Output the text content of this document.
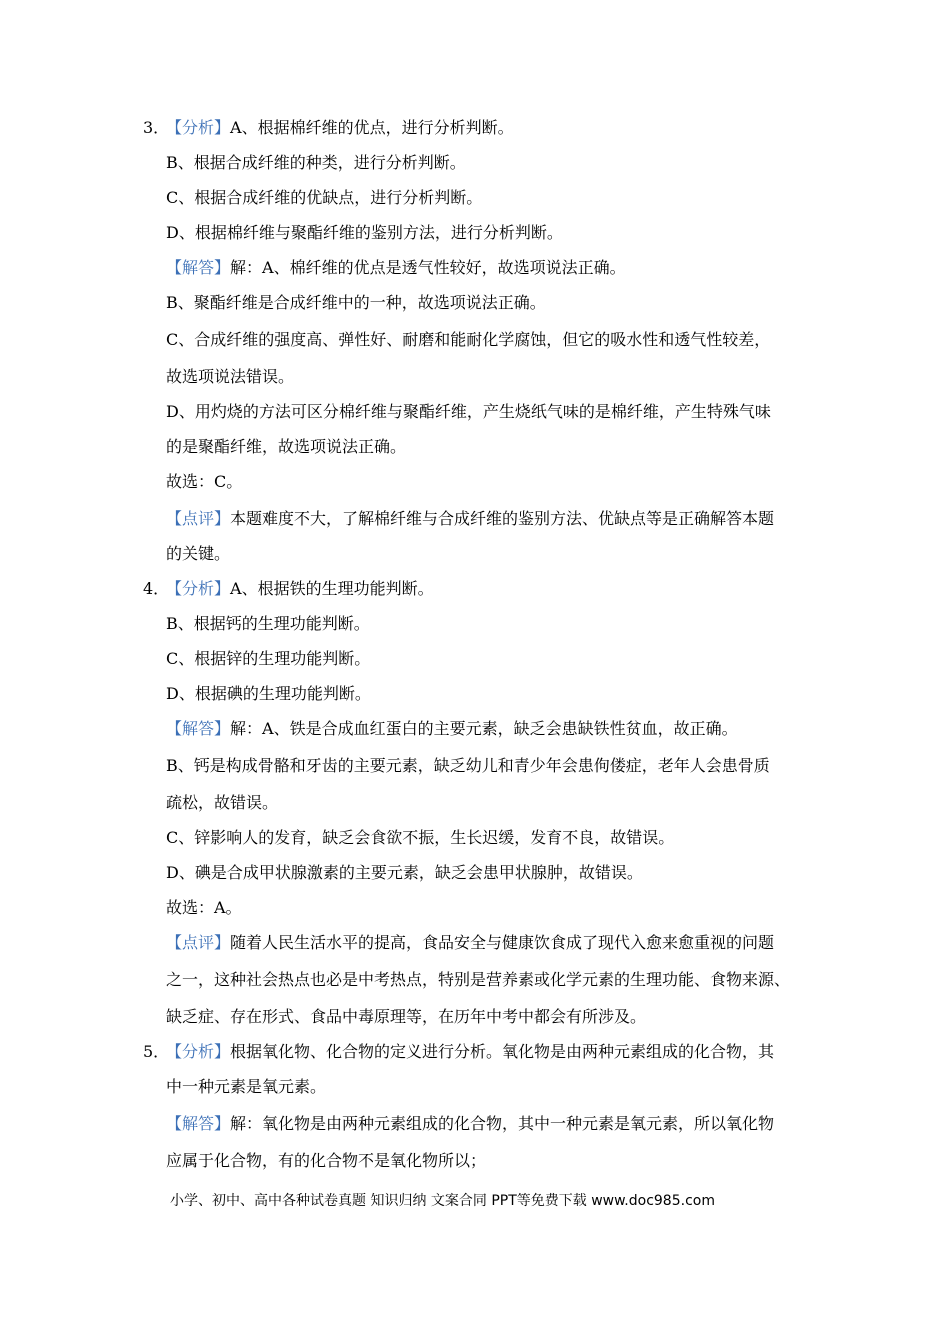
3．
【分析】A、根据棉纤维的优点，进行分析判断。
B、根据合成纤维的种类，进行分析判断。
C、根据合成纤维的优缺点，进行分析判断。
D、根据棉纤维与聚酯纤维的鉴别方法，进行分析判断。
【解答】解：A、棉纤维的优点是透气性较好，故选项说法正确。
B、聚酯纤维是合成纤维中的一种，故选项说法正确。
C、合成纤维的强度高、弹性好、耐磨和能耐化学腐蚀，但它的吸水性和透气性较差，
故选项说法错误。
D、用灼烧的方法可区分棉纤维与聚酯纤维，产生烧纸气味的是棉纤维，产生特殊气味
的是聚酯纤维，故选项说法正确。
故选：C。
【点评】本题难度不大，了解棉纤维与合成纤维的鉴别方法、优缺点等是正确解答本题
的关键。
4．
【分析】A、根据铁的生理功能判断。
B、根据钙的生理功能判断。
C、根据锌的生理功能判断。
D、根据碘的生理功能判断。
【解答】解：A、铁是合成血红蛋白的主要元素，缺乏会患缺铁性贫血，故正确。
B、钙是构成骨骼和牙齿的主要元素，缺乏幼儿和青少年会患佝偻症，老年人会患骨质
疏松，故错误。
C、锌影响人的发育，缺乏会食欲不振，生长迟缓，发育不良，故错误。
D、碘是合成甲状腺激素的主要元素，缺乏会患甲状腺肿，故错误。
故选：A。
【点评】随着人民生活水平的提高，食品安全与健康饮食成了现代入愈来愈重视的问题
之一，这种社会热点也必是中考热点，特别是营养素或化学元素的生理功能、食物来源、
缺乏症、存在形式、食品中毒原理等，在历年中考中都会有所涉及。
5．
【分析】根据氧化物、化合物的定义进行分析。氧化物是由两种元素组成的化合物，其
中一种元素是氧元素。
【解答】解：氧化物是由两种元素组成的化合物，其中一种元素是氧元素，所以氧化物
应属于化合物，有的化合物不是氧化物所以；
小学、初中、高中各种试卷真题 知识归纳 文案合同 PPT等免费下载 www.doc985.com
